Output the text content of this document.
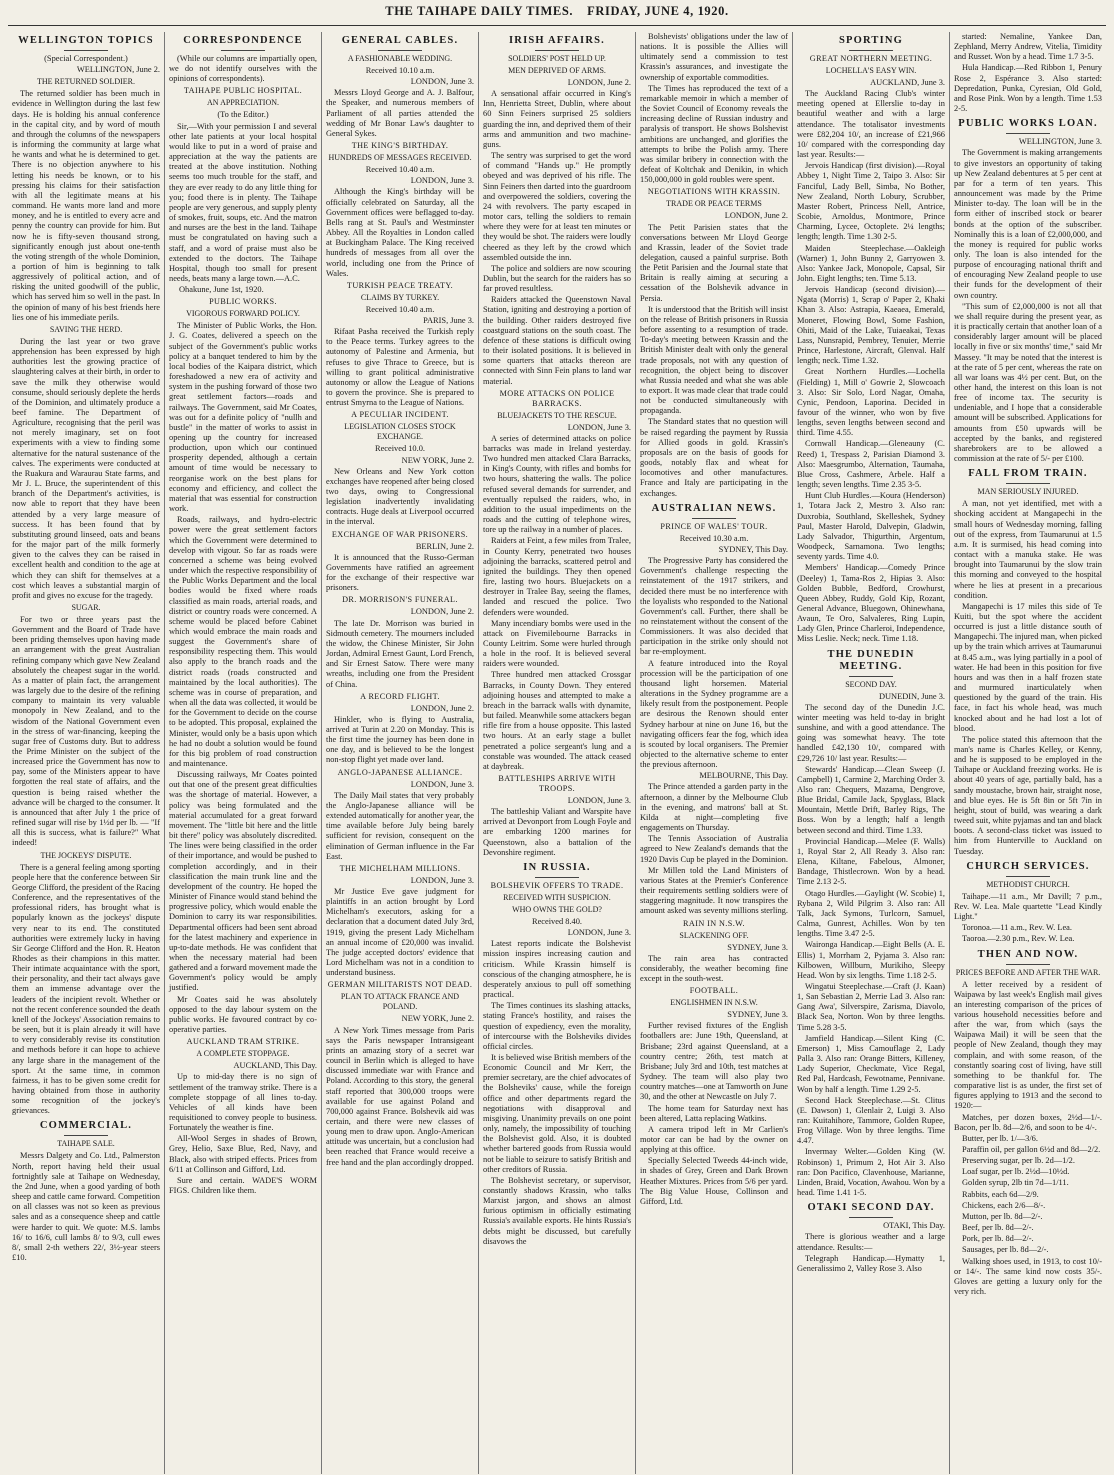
THE TAIHAPE DAILY TIMES. FRIDAY, JUNE 4, 1920.
WELLINGTON TOPICS
(Special Correspondent.)
WELLINGTON, June 2.
THE RETURNED SOLDIER.
The returned soldier has been much in evidence in Wellington during the last few days. He is holding his annual conference in the capital city, and by word of mouth and through the columns of the newspapers is informing the community at large what he wants and what he is determined to get. There is no objection anywhere to his letting his needs be known, or to his pressing his claims for their satisfaction with all the legitimate means at his command. He wants more land and more money, and he is entitled to every acre and penny the country can provide for him. But now he is fifty-seven thousand strong, significantly enough just about one-tenth the voting strength of the whole Dominion, a portion of him is beginning to talk aggressively of political action, and of risking the united goodwill of the public, which has served him so well in the past. In the opinion of many of his best friends here lies one of his immediate perils.
SAVING THE HERD.
During the last year or two grave apprehension has been expressed by high authorities lest the growing practice of slaughtering calves at their birth, in order to save the milk they otherwise would consume, should seriously deplete the herds of the Dominion, and ultimately produce a beef famine. The Department of Agriculture, recognising that the peril was not merely imaginary, set on foot experiments with a view to finding some alternative for the natural sustenance of the calves. The experiments were conducted at the Ruakura and Waraurau State farms, and Mr J. L. Bruce, the superintendent of this branch of the Department's activities, is now able to report that they have been attended by a very large measure of success. It has been found that by substituting ground linseed, oats and beans for the major part of the milk formerly given to the calves they can be raised in excellent health and condition to the age at which they can shift for themselves at a cost which leaves a substantial margin of profit and gives no excuse for the tragedy.
SUGAR.
For two or three years past the Government and the Board of Trade have been priding themselves upon having made an arrangement with the great Australian refining company which gave New Zealand absolutely the cheapest sugar in the world. As a matter of plain fact, the arrangement was largely due to the desire of the refining company to maintain its very valuable monopoly in New Zealand, and to the wisdom of the National Government even in the stress of war-financing, keeping the sugar free of Customs duty. But to address the Prime Minister on the subject of the increased price the Government has now to pay, some of the Ministers appear to have forgotten the real state of affairs, and the question is being raised whether the advance will be charged to the consumer. It is announced that after July 1 the price of refined sugar will rise by 1½d per lb. — "If all this is success, what is failure?" What indeed!
THE JOCKEYS' DISPUTE.
There is a general feeling among sporting people here that the conference between Sir George Clifford, the president of the Racing Conference, and the representatives of the professional riders, has brought what is popularly known as the jockeys' dispute very near to its end. The constituted authorities were extremely lucky in having Sir George Clifford and the Hon. R. Heaton Rhodes as their champions in this matter. Their intimate acquaintance with the sport, their personality, and their tact always gave them an immense advantage over the leaders of the incipient revolt. Whether or not the recent conference sounded the death knell of the Jockeys' Association remains to be seen, but it is plain already it will have to very considerably revise its constitution and methods before it can hope to achieve any large share in the management of the sport. At the same time, in common fairness, it has to be given some credit for having obtained from those in authority some recognition of the jockey's grievances.
COMMERCIAL.
TAIHAPE SALE.
Messrs Dalgety and Co. Ltd., Palmerston North, report having held their usual fortnightly sale at Taihape on Wednesday, the 2nd June, when a good yarding of both sheep and cattle came forward. Competition on all classes was not so keen as previous sales and as a consequence sheep and cattle were harder to quit. We quote: M.S. lambs 16/ to 16/6, cull lambs 8/ to 9/3, cull ewes 8/, small 2-th wethers 22/, 3½-year steers £10.
CORRESPONDENCE
(While our columns are impartially open, we do not identify ourselves with the opinions of correspondents).
TAIHAPE PUBLIC HOSPITAL.
AN APPRECIATION.
(To the Editor.)
Sir,—With your permission I and several other late patients at your local hospital would like to put in a word of praise and appreciation at the way the patients are treated at the above institution. Nothing seems too much trouble for the staff, and they are ever ready to do any little thing for you; food there is in plenty. The Taihape people are very generous, and supply plenty of smokes, fruit, soups, etc. And the matron and nurses are the best in the land. Taihape must be congratulated on having such a staff, and a word of praise must also be extended to the doctors. The Taihape Hospital, though too small for present needs, beats many a large town.—A.C.
Ohakune, June 1st, 1920.
PUBLIC WORKS.
VIGOROUS FORWARD POLICY.
The Minister of Public Works, the Hon. J. G. Coates, delivered a speech on the subject of the Government's public works policy at a banquet tendered to him by the local bodies of the Kaipara district, which foreshadowed a new era of activity and system in the pushing forward of those two great settlement factors—roads and railways. The Government, said Mr Coates, was out for a definite policy of "nullh and bustle" in the matter of works to assist in opening up the country for increased production, upon which our continued prosperity depended, although a certain amount of time would be necessary to reorganise work on the best plans for economy and efficiency, and collect the material that was essential for construction work.
Roads, railways, and hydro-electric power were the great settlement factors which the Government were determined to develop with vigour. So far as roads were concerned a scheme was being evolved under which the respective responsibility of the Public Works Department and the local bodies would be fixed where roads classified as main roads, arterial roads, and district or country roads were concerned. A scheme would be placed before Cabinet which would embrace the main roads and suggest the Government's share of responsibility respecting them. This would also apply to the branch roads and the district roads (roads constructed and maintained by the local authorities). The scheme was in course of preparation, and when all the data was collected, it would be for the Government to decide on the course to be adopted. This proposal, explained the Minister, would only be a basis upon which he had no doubt a solution would be found for this big problem of road construction and maintenance.
Discussing railways, Mr Coates pointed out that one of the present great difficulties was the shortage of material. However, a policy was being formulated and the material accumulated for a great forward movement. The "little bit here and the little bit there" policy was absolutely discredited. The lines were being classified in the order of their importance, and would be pushed to completion accordingly, and in their classification the main trunk line and the development of the country. He hoped the Minister of Finance would stand behind the progressive policy, which would enable the Dominion to carry its war responsibilities. Departmental officers had been sent abroad for the latest machinery and experience in up-to-date methods. He was confident that when the necessary material had been gathered and a forward movement made the Government's policy would be amply justified.
Mr Coates said he was absolutely opposed to the day labour system on the public works. He favoured contract by co-operative parties.
AUCKLAND TRAM STRIKE.
A COMPLETE STOPPAGE.
AUCKLAND, This Day.
Up to mid-day there is no sign of settlement of the tramway strike. There is a complete stoppage of all lines to-day. Vehicles of all kinds have been requisitioned to convey people to business. Fortunately the weather is fine.
All-Wool Serges in shades of Brown, Grey, Helio, Saxe Blue, Red, Navy, and Black, also with striped effects. Prices from 6/11 at Collinson and Gifford, Ltd.
Sure and certain. WADE'S WORM FIGS. Children like them.
GENERAL CABLES.
A FASHIONABLE WEDDING.
Received 10.10 a.m.
LONDON, June 3.
Messrs Lloyd George and A. J. Balfour, the Speaker, and numerous members of Parliament of all parties attended the wedding of Mr Bonar Law's daughter to General Sykes.
THE KING'S BIRTHDAY.
HUNDREDS OF MESSAGES RECEIVED.
Received 10.40 a.m.
LONDON, June 3.
Although the King's birthday will be officially celebrated on Saturday, all the Government offices were beflagged to-day. Bells rang at St. Paul's and Westminster Abbey. All the Royalties in London called at Buckingham Palace. The King received hundreds of messages from all over the world, including one from the Prince of Wales.
TURKISH PEACE TREATY.
CLAIMS BY TURKEY.
Received 10.40 a.m.
PARIS, June 3.
Rifaat Pasha received the Turkish reply to the Peace terms. Turkey agrees to the autonomy of Palestine and Armenia, but refuses to give Thrace to Greece, but is willing to grant political administrative autonomy or allow the League of Nations to govern the province. She is prepared to entrust Smyrna to the League of Nations.
A PECULIAR INCIDENT.
LEGISLATION CLOSES STOCK EXCHANGE.
Received 10.0.
NEW YORK, June 2.
New Orleans and New York cotton exchanges have reopened after being closed two days, owing to Congressional legislation inadvertently invalidating contracts. Huge deals at Liverpool occurred in the interval.
EXCHANGE OF WAR PRISONERS.
BERLIN, June 2.
It is announced that the Russo-German Governments have ratified an agreement for the exchange of their respective war prisoners.
DR. MORRISON'S FUNERAL.
LONDON, June 2.
The late Dr. Morrison was buried in Sidmouth cemetery. The mourners included the widow, the Chinese Minister, Sir John Jordan, Admiral Ernest Gaunt, Lord French, and Sir Ernest Satow. There were many wreaths, including one from the President of China.
A RECORD FLIGHT.
LONDON, June 2.
Hinkler, who is flying to Australia, arrived at Turin at 2.20 on Monday. This is the first time the journey has been done in one day, and is believed to be the longest non-stop flight yet made over land.
ANGLO-JAPANESE ALLIANCE.
LONDON, June 3.
The Daily Mail states that very probably the Anglo-Japanese alliance will be extended automatically for another year, the time available before July being barely sufficient for revision, consequent on the elimination of German influence in the Far East.
THE MICHELHAM MILLIONS.
LONDON, June 3.
Mr Justice Eve gave judgment for plaintiffs in an action brought by Lord Michelham's executors, asking for a declaration that a document dated July 3rd, 1919, giving the present Lady Michelham an annual income of £20,000 was invalid. The judge accepted doctors' evidence that Lord Michelham was not in a condition to understand business.
GERMAN MILITARISTS NOT DEAD.
PLAN TO ATTACK FRANCE AND POLAND.
NEW YORK, June 2.
A New York Times message from Paris says the Paris newspaper Intransigeant prints an amazing story of a secret war council in Berlin which is alleged to have discussed immediate war with France and Poland. According to this story, the general staff reported that 300,000 troops were available for use against Poland and 700,000 against France. Bolshevik aid was certain, and there were new classes of young men to draw upon. Anglo-American attitude was uncertain, but a conclusion had been reached that France would receive a free hand and the plan accordingly dropped.
IRISH AFFAIRS.
SOLDIERS' POST HELD UP.
MEN DEPRIVED OF ARMS.
LONDON, June 2.
A sensational affair occurred in King's Inn, Henrietta Street, Dublin, where about 60 Sinn Feiners surprised 25 soldiers guarding the inn, and deprived them of their arms and ammunition and two machine-guns.
The sentry was surprised to get the word of command "Hands up." He promptly obeyed and was deprived of his rifle. The Sinn Feiners then darted into the guardroom and overpowered the soldiers, covering the 24 with revolvers. The party escaped in motor cars, telling the soldiers to remain where they were for at least ten minutes or they would be shot. The raiders were loudly cheered as they left by the crowd which assembled outside the inn.
The police and soldiers are now scouring Dublin, but the search for the raiders has so far proved resultless.
Raiders attacked the Queenstown Naval Station, igniting and destroying a portion of the building. Other raiders destroyed five coastguard stations on the south coast. The defence of these stations is difficult owing to their isolated positions. It is believed in some quarters that attacks thereon are connected with Sinn Fein plans to land war material.
MORE ATTACKS ON POLICE BARRACKS.
BLUEJACKETS TO THE RESCUE.
LONDON, June 3.
A series of determined attacks on police barracks was made in Ireland yesterday. Two hundred men attacked Clara Barracks, in King's County, with rifles and bombs for two hours, shattering the walls. The police refused several demands for surrender, and eventually repulsed the raiders, who, in addition to the usual impediments on the roads and the cutting of telephone wires, tore up the railway in a number of places.
Raiders at Feint, a few miles from Tralee, in County Kerry, penetrated two houses adjoining the barracks, scattered petrol and ignited the buildings. They then opened fire, lasting two hours. Bluejackets on a destroyer in Tralee Bay, seeing the flames, landed and rescued the police. Two defenders were wounded.
Many incendiary bombs were used in the attack on Fivemilebourne Barracks in County Leitrim. Some were hurled through a hole in the roof. It is believed several raiders were wounded.
Three hundred men attacked Crossgar Barracks, in County Down. They entered adjoining houses and attempted to make a breach in the barrack walls with dynamite, but failed. Meanwhile some attackers began rifle fire from a house opposite. This lasted two hours. At an early stage a bullet penetrated a police sergeant's lung and a constable was wounded. The attack ceased at daybreak.
BATTLESHIPS ARRIVE WITH TROOPS.
LONDON, June 3.
The battleship Valiant and Warspite have arrived at Devonport from Lough Foyle and are embarking 1200 marines for Queenstown, also a battalion of the Devonshire regiment.
IN RUSSIA.
BOLSHEVIK OFFERS TO TRADE.
RECEIVED WITH SUSPICION.
WHO OWNS THE GOLD?
Received 8.40.
LONDON, June 3.
Latest reports indicate the Bolshevist mission inspires increasing caution and criticism. While Krassin himself is conscious of the changing atmosphere, he is desperately anxious to pull off something practical.
The Times continues its slashing attacks, stating France's hostility, and raises the question of expediency, even the morality, of intercourse with the Bolsheviks divides official circles.
It is believed wise British members of the Economic Council and Mr Kerr, the premier secretary, are the chief advocates of the Bolsheviks' cause, while the foreign office and other departments regard the negotiations with disapproval and misgiving. Unanimity prevails on one point only, namely, the impossibility of touching the Bolshevist gold. Also, it is doubted whether bartered goods from Russia would not be liable to seizure to satisfy British and other creditors of Russia.
The Bolshevist secretary, or supervisor, constantly shadows Krassin, who talks Marxist jargon, and shows an almost furious optimism in officially estimating Russia's available exports. He hints Russia's debts might be discussed, but carefully disavows the
Bolshevists' obligations under the law of nations. It is possible the Allies will ultimately send a commission to test Krassin's assurances, and investigate the ownership of exportable commodities.
The Times has reproduced the text of a remarkable memoir in which a member of the Soviet Council of Economy reveals the increasing decline of Russian industry and paralysis of transport. He shows Bolshevist ambitions are unchanged, and glorifies the attempts to bribe the Polish army. There was similar bribery in connection with the defeat of Koltchak and Denikin, in which 150,000,000 in gold roubles were spent.
NEGOTIATIONS WITH KRASSIN.
TRADE OR PEACE TERMS
LONDON, June 2.
The Petit Parisien states that the conversations between Mr Lloyd George and Krassin, leader of the Soviet trade delegation, caused a painful surprise. Both the Petit Parisien and the Journal state that Britain is really aiming at securing a cessation of the Bolshevik advance in Persia.
It is understood that the British will insist on the release of British prisoners in Russia before assenting to a resumption of trade. To-day's meeting between Krassin and the British Minister dealt with only the general trade proposals, not with any question of recognition, the object being to discover what Russia needed and what she was able to export. It was made clear that trade could not be conducted simultaneously with propaganda.
The Standard states that no question will be raised regarding the payment by Russia for Allied goods in gold. Krassin's proposals are on the basis of goods for goods, notably flax and wheat for locomotives and other manufactures. France and Italy are participating in the exchanges.
AUSTRALIAN NEWS.
PRINCE OF WALES' TOUR.
Received 10.30 a.m.
SYDNEY, This Day.
The Progressive Party has considered the Government's challenge respecting the reinstatement of the 1917 strikers, and decided there must be no interference with the loyalists who responded to the National Government's call. Further, there shall be no reinstatement without the consent of the Commissioners. It was also decided that participation in the strike only should not bar re-employment.
A feature introduced into the Royal procession will be the participation of one thousand light horsemen. Material alterations in the Sydney programme are a likely result from the postponement. People are desirous the Renown should enter Sydney harbour at nine on June 16, but the navigating officers fear the fog, which idea is scouted by local organisers. The Premier objected to the alternative scheme to enter the previous afternoon.
MELBOURNE, This Day.
The Prince attended a garden party in the afternoon, a dinner by the Melbourne Club in the evening, and matrons' ball at St. Kilda at night—completing five engagements on Thursday.
The Tennis Association of Australia agreed to New Zealand's demands that the 1920 Davis Cup be played in the Dominion.
Mr Millen told the Land Ministers of various States at the Premier's Conference their requirements settling soldiers were of staggering magnitude. It now transpires the amount asked was seventy millions sterling.
RAIN IN N.S.W.
SLACKENING OFF.
SYDNEY, June 3.
The rain area has contracted considerably, the weather becoming fine except in the south-west.
FOOTBALL.
ENGLISHMEN IN N.S.W.
SYDNEY, June 3.
Further revised fixtures of the English footballers are: June 19th, Queensland, at Brisbane; 23rd against Queensland, at a country centre; 26th, test match at Brisbane; July 3rd and 10th, test matches at Sydney. The team will also play two country matches—one at Tamworth on June 30, and the other at Newcastle on July 7.
The home team for Saturday next has been altered, Latta replacing Watkins.
A camera tripod left in Mr Carlien's motor car can be had by the owner on applying at this office.
Specially Selected Tweeds 44-inch wide, in shades of Grey, Green and Dark Brown Heather Mixtures. Prices from 5/6 per yard. The Big Value House, Collinson and Gifford, Ltd.
SPORTING
GREAT NORTHERN MEETING.
LOCHELLA'S EASY WIN.
AUCKLAND, June 3.
The Auckland Racing Club's winter meeting opened at Ellerslie to-day in beautiful weather and with a large attendance. The totalisator investments were £82,204 10/, an increase of £21,966 10/ compared with the corresponding day last year. Results:—
Jervois Handicap (first division).—Royal Abbey 1, Night Time 2, Taipo 3. Also: Sir Fanciful, Lady Bell, Simba, No Bother, New Zealand, North Lobury, Scrubber, Master Robert, Princess Nell, Antrice, Scobie, Arnoldus, Montmore, Prince Charming, Lycee, Octoplete. 2¼ lengths; length; length. Time 1.30 2-5.
Maiden Steeplechase.—Oakleigh (Warner) 1, John Bunny 2, Garryowen 3. Also: Yankee Jack, Monopole, Capsal, Sir John. Eight lengths; ten. Time 5.13.
Jervois Handicap (second division).—Ngata (Morris) 1, Scrap o' Paper 2, Khaki Khan 3. Also: Astrapia, Kaeaea, Emerald, Moneret, Flowing Bowl, Some Fashion, Ohiti, Maid of the Lake, Tuiaeakai, Texas Lass, Nunsrapid, Pembrey, Tenuier, Merrie Prince, Harlestone, Aircraft, Glenval. Half length; neck. Time 1.32.
Great Northern Hurdles.—Lochella (Fielding) 1, Mill o' Gowrie 2, Slowcoach 3. Also: Sir Solo, Lord Nagar, Omaha, Cynic, Pendoon, Laporina. Decided in favour of the winner, who won by five lengths, seven lengths between second and third. Time 4.55.
Cornwall Handicap.—Gleneauny (C. Reed) 1, Trespass 2, Parisian Diamond 3. Also: Maesgrumbo, Alternation, Taumaha, Blue Cross, Cashmere, Arbele. Half a length; seven lengths. Time 2.35 3-5.
Hunt Club Hurdles.—Koura (Henderson) 1, Totara Jack 2, Mestro 3. Also ran: Duxrobia, Southland, Skelleshek, Sydney Paul, Master Harold, Dalvepin, Gladwin, Lady Salvador, Thigurthin, Argentum, Woodpeck, Sarnamona. Two lengths; seventy yards. Time 4.0.
Members' Handicap.—Comedy Prince (Deeley) 1, Tama-Ros 2, Hipias 3. Also: Golden Bubble, Bedford, Crowhurst, Queen Abbey, Ruddy, Gold Kip, Rozant, General Advance, Bluegown, Ohinewhana, Avaun, Te Oro, Salvaleres, Ring Lupin, Lady Glen, Prince Charleroi, Independence, Miss Leslie. Neck; neck. Time 1.18.
THE DUNEDIN MEETING.
SECOND DAY.
DUNEDIN, June 3.
The second day of the Dunedin J.C. winter meeting was held to-day in bright sunshine, and with a good attendance. The going was somewhat heavy. The tote handled £42,130 10/, compared with £29,726 10/ last year. Results:—
Stewards' Handicap.—Clean Sweep (J. Campbell) 1, Carmine 2, Marching Order 3. Also ran: Chequers, Mazama, Dengrove, Blue Bridal, Camile Jack, Spyglass, Black Mountain, Mettle Drift, Barley Rigs, The Boss. Won by a length; half a length between second and third. Time 1.33.
Provincial Handicap.—Melee (F. Walls) 1, Royal Star 2, All Ready 3. Also ran: Elena, Kiltane, Fabelous, Almoner, Bandage, Thistlecrown. Won by a head. Time 2.13 2-5.
Otago Hurdles.—Gaylight (W. Scobie) 1, Rybana 2, Wild Pilgrim 3. Also ran: All Talk, Jack Symons, Turlcorn, Samuel, Calma, Gunrest, Achilles. Won by ten lengths. Time 3.47 2-5.
Waironga Handicap.—Eight Bells (A. E. Ellis) 1, Morrham 2, Pyjama 3. Also ran: Kilbowen, Willburn, Murikiho, Sleepy Head. Won by six lengths. Time 1.18 2-5.
Wingatui Steeplechase.—Craft (J. Kaan) 1, San Sebastian 2, Merrie Lad 3. Also ran: Gang Awa', Silverspire, Zarisma, Diavolo, Black Sea, Norton. Won by three lengths. Time 5.28 3-5.
Jamfield Handicap.—Silent King (C. Emerson) 1, Miss Camouflage 2, Lady Palla 3. Also ran: Orange Bitters, Killeney, Lady Superior, Checkmate, Vice Regal, Red Pal, Hardcash, Fewotname, Pennivane. Won by half a length. Time 1.29 2-5.
Second Hack Steeplechase.—St. Clitus (E. Dawson) 1, Glenlair 2, Luigi 3. Also ran: Kuitahihore, Tammore, Golden Rupee, Frog Village. Won by three lengths. Time 4.47.
Invermay Welter.—Golden King (W. Robinson) 1, Primum 2, Hot Air 3. Also ran: Don Pacifico, Clavenhouse, Marianne, Linden, Braid, Vocation, Awahou. Won by a head. Time 1.41 1-5.
OTAKI SECOND DAY.
OTAKI, This Day.
There is glorious weather and a large attendance. Results:—
Telegraph Handicap.—Hymatty 1, Generalissimo 2, Valley Rose 3. Also
started: Nemaline, Yankee Dan, Zephland, Merry Andrew, Vitelia, Timidity and Russet. Won by a head. Time 1.7 3-5.
Hula Handicap.—Red Ribbon 1, Penury Rose 2, Espérance 3. Also started: Depredation, Punka, Cyresian, Old Gold, and Rose Pink. Won by a length. Time 1.53 2-5.
PUBLIC WORKS LOAN.
WELLINGTON, June 3.
The Government is making arrangements to give investors an opportunity of taking up New Zealand debentures at 5 per cent at par for a term of ten years. This announcement was made by the Prime Minister to-day. The loan will be in the form either of inscribed stock or bearer bonds at the option of the subscriber. Nominally this is a loan of £2,000,000, and the money is required for public works only. The loan is also intended for the purpose of encouraging national thrift and of encouraging New Zealand people to use their funds for the development of their own country.
"This sum of £2,000,000 is not all that we shall require during the present year, as it is practically certain that another loan of a considerably larger amount will be placed locally in five or six months' time," said Mr Massey. "It may be noted that the interest is at the rate of 5 per cent, whereas the rate on all war loans was 4½ per cent. But, on the other hand, the interest on this loan is not free of income tax. The security is undeniable, and I hope that a considerable amount will be subscribed. Applications for amounts from £50 upwards will be accepted by the banks, and registered sharebrokers are to be allowed a commission at the rate of 5/- per £100.
FALL FROM TRAIN.
MAN SERIOUSLY INJURED.
A man, not yet identified, met with a shocking accident at Mangapechi in the small hours of Wednesday morning, falling out of the express, from Taumarunui at 1.5 a.m. It is surmised, his head coming into contact with a manuka stake. He was brought into Taumarunui by the slow train this morning and conveyed to the hospital where he lies at present in a precarious condition.
Mangapechi is 17 miles this side of Te Kuiti, but the spot where the accident occurred is just a little distance south of Mangapechi. The injured man, when picked up by the train which arrives at Taumarunui at 8.45 a.m., was lying partially in a pool of water. He had been in this position for five hours and was then in a half frozen state and murmured inarticulately when questioned by the guard of the train. His face, in fact his whole head, was much knocked about and he had lost a lot of blood.
The police stated this afternoon that the man's name is Charles Kelley, or Kenny, and he is supposed to be employed in the Taihape or Auckland freezing works. He is about 40 years of age, partially bald, has a sandy moustache, brown hair, straight nose, and blue eyes. He is 5ft 8in or 5ft 7in in height, stout of build, was wearing a dark tweed suit, white pyjamas and tan and black boots. A second-class ticket was issued to him from Hunterville to Auckland on Tuesday.
CHURCH SERVICES.
METHODIST CHURCH.
Taihape.—11 a.m., Mr Davill; 7 p.m., Rev. W. Lea. Male quartette "Lead Kindly Light."
Toronoa.—11 a.m., Rev. W. Lea.
Taoroa.—2.30 p.m., Rev. W. Lea.
THEN AND NOW.
PRICES BEFORE AND AFTER THE WAR.
A letter received by a resident of Waipawa by last week's English mail gives an interesting comparison of the prices of various household necessities before and after the war, from which (says the Waipawa Mail) it will be seen that the people of New Zealand, though they may complain, and with some reason, of the constantly soaring cost of living, have still something to be thankful for. The comparative list is as under, the first set of figures applying to 1913 and the second to 1920:—
Matches, per dozen boxes, 2½d—1/-. Bacon, per lb. 8d—2/6, and soon to be 4/-.
Butter, per lb. 1/—3/6.
Paraffin oil, per gallon 6½d and 8d—2/2.
Preserving sugar, per lb. 2d—1/2.
Loaf sugar, per lb. 2½d—10½d.
Golden syrup, 2lb tin 7d—1/11.
Rabbits, each 6d—2/9.
Chickens, each 2/6—8/-.
Mutton, per lb. 8d—2/-.
Beef, per lb. 8d—2/-.
Pork, per lb. 8d—2/-.
Sausages, per lb. 8d—2/-.
Walking shoes used, in 1913, to cost 10/- or 14/-. The same kind now costs 35/-. Gloves are getting a luxury only for the very rich.
